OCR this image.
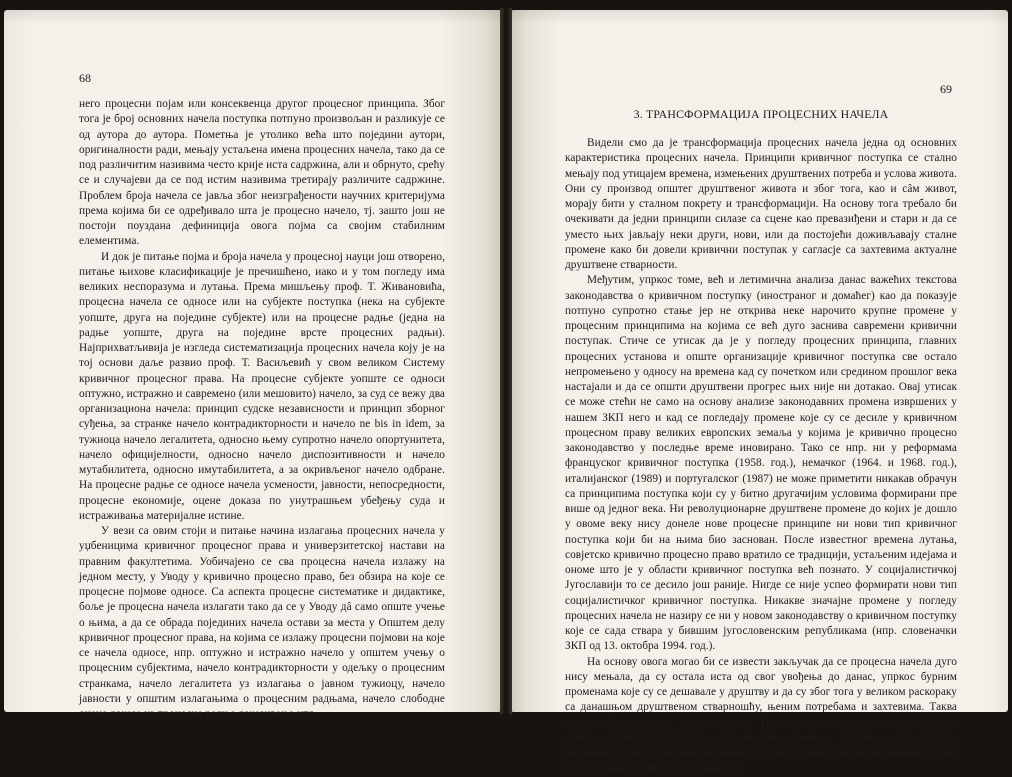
68

него процесни појам или консеквенца другог процесног принципа. Због тога је број основних начела поступка потпуно произвољан и разликује се од аутора до аутора. Пометња је утолико већа што поједини аутори, оригиналности ради, мењају устаљена имена процесних начела, тако да се под различитим називима често крије иста садржина, али и обрнуто, срећу се и случајеви да се под истим називима третирају различите садржине. Проблем броја начела се јавља због неизграђености научних критеријума према којима би се одређивало шта је процесно начело, тј. зашто још не постоји поуздана дефиниција овога појма са својим стабилним елементима.

И док је питање појма и броја начела у процесној науци још отворено, питање њихове класификације је пречишћено, иако и у том погледу има великих неспоразума и лутања. Према мишљењу проф. Т. Живановића, процесна начела се односе или на субјекте поступка (нека на субјекте уопште, друга на поједине субјекте) или на процесне радње (једна на радње уопште, друга на поједине врсте процесних радњи). Најприхватљивија је изгледа систематизација процесних начела коју је на тој основи даље развио проф. Т. Васиљевић у свом великом Систему кривичног процесног права. На процесне субјекте уопште се односи оптужно, истражно и савремено (или мешовито) начело, за суд се вежу два организациона начела: принцип судске независности и принцип зборног суђења, за странке начело контрадикторности и начело ne bis in idem, за тужиоца начело легалитета, односно њему супротно начело опортунитета, начело официјелности, односно начело диспозитивности и начело мутабилитета, односно имутабилитета, а за окривљеног начело одбране. На процесне радње се односе начела усмености, јавности, непосредности, процесне економије, оцене доказа по унутрашњем убеђењу суда и истраживања материјалне истине.

У вези са овим стоји и питање начина излагања процесних начела у уџбеницима кривичног процесног права и универзитетској настави на правним факултетима. Уобичајено се сва процесна начела излажу на једном месту, у Уводу у кривично процесно право, без обзира на које се процесне појмове односе. Са аспекта процесне систематике и дидактике, боље је процесна начела излагати тако да се у Уводу дâ само опште учење о њима, а да се обрада појединих начела остави за места у Општем делу кривичног процесног права, на којима се излажу процесни појмови на које се начела односе, нпр. оптужно и истражно начело у општем учењу о процесним субјектима, начело контрадикторности у одељку о процесним странкама, начело легалитета уз излагања о јавном тужиоцу, начело јавности у општим излагањима о процесним радњама, начело слободне оцене доказа уз процесне радње доказивања итд.

69
3. ТРАНСФОРМАЦИЈА ПРОЦЕСНИХ НАЧЕЛА

Видели смо да је трансформација процесних начела једна од основних карактеристика процесних начела. Принципи кривичног поступка се стално мењају под утицајем времена, измењених друштвених потреба и услова живота. Они су производ општег друштвеног живота и због тога, као и сâм живот, морају бити у сталном покрету и трансформацији. На основу тога требало би очекивати да једни принципи силазе са сцене као превазиђени и стари и да се уместо њих јављају неки други, нови, или да постојећи доживљавају сталне промене како би довели кривични поступак у сагласје са захтевима актуалне друштвене стварности.

Међутим, упркос томе, већ и летимична анализа данас важећих текстова законодавства о кривичном поступку (иностраног и домаћег) као да показује потпуно супротно стање јер не открива неке нарочито крупне промене у процесним принципима на којима се већ дуго заснива савремени кривични поступак. Стиче се утисак да је у погледу процесних принципа, главних процесних установа и опште организације кривичног поступка све остало непромењено у односу на времена кад су почетком или средином прошлог века настајали и да се општи друштвени прогрес њих није ни дотакао. Овај утисак се може стећи не само на основу анализе законодавних промена извршених у нашем ЗКП него и кад се погледају промене које су се десиле у кривичном процесном праву великих европских земаља у којима је кривично процесно законодавство у последње време иновирано. Тако се нпр. ни у реформама француског кривичног поступка (1958. год.), немачког (1964. и 1968. год.), италијанског (1989) и португалског (1987) не може приметити никакав обрачун са принципима поступка који су у битно другачијим условима формирани пре више од једног века. Ни револуционарне друштвене промене до којих је дошло у овоме веку нису донеле нове процесне принципе ни нови тип кривичног поступка који би на њима био заснован. После известног времена лутања, совјетско кривично процесно право вратило се традицији, устаљеним идејама и ономе што је у области кривичног поступка већ познато. У социјалистичкој Југославији то се десило још раније. Нигде се није успео формирати нови тип социјалистичког кривичног поступка. Никакве значајне промене у погледу процесних начела не назиру се ни у новом законодавству о кривичном поступку које се сада ствара у бившим југословенским републикама (нпр. словеначки ЗКП од 13. октобра 1994. год.).

На основу овога могао би се извести закључак да се процесна начела дуго нису мењала, да су остала иста од свог увођења до данас, упркос бурним променама које су се дешавале у друштву и да су због тога у великом раскораку са данашњом друштвеном стварношћу, њеним потребама и захтевима. Таква оцена, међутим, није потпуно тачна. Пажљивија анализа показује да су се начела кривичног поступка и без икаквих измена у законима, ипак стално, постепено и често неприметно мењала и тако прилагођавала савременом стању и потребама друштва. Чак и она нај-
